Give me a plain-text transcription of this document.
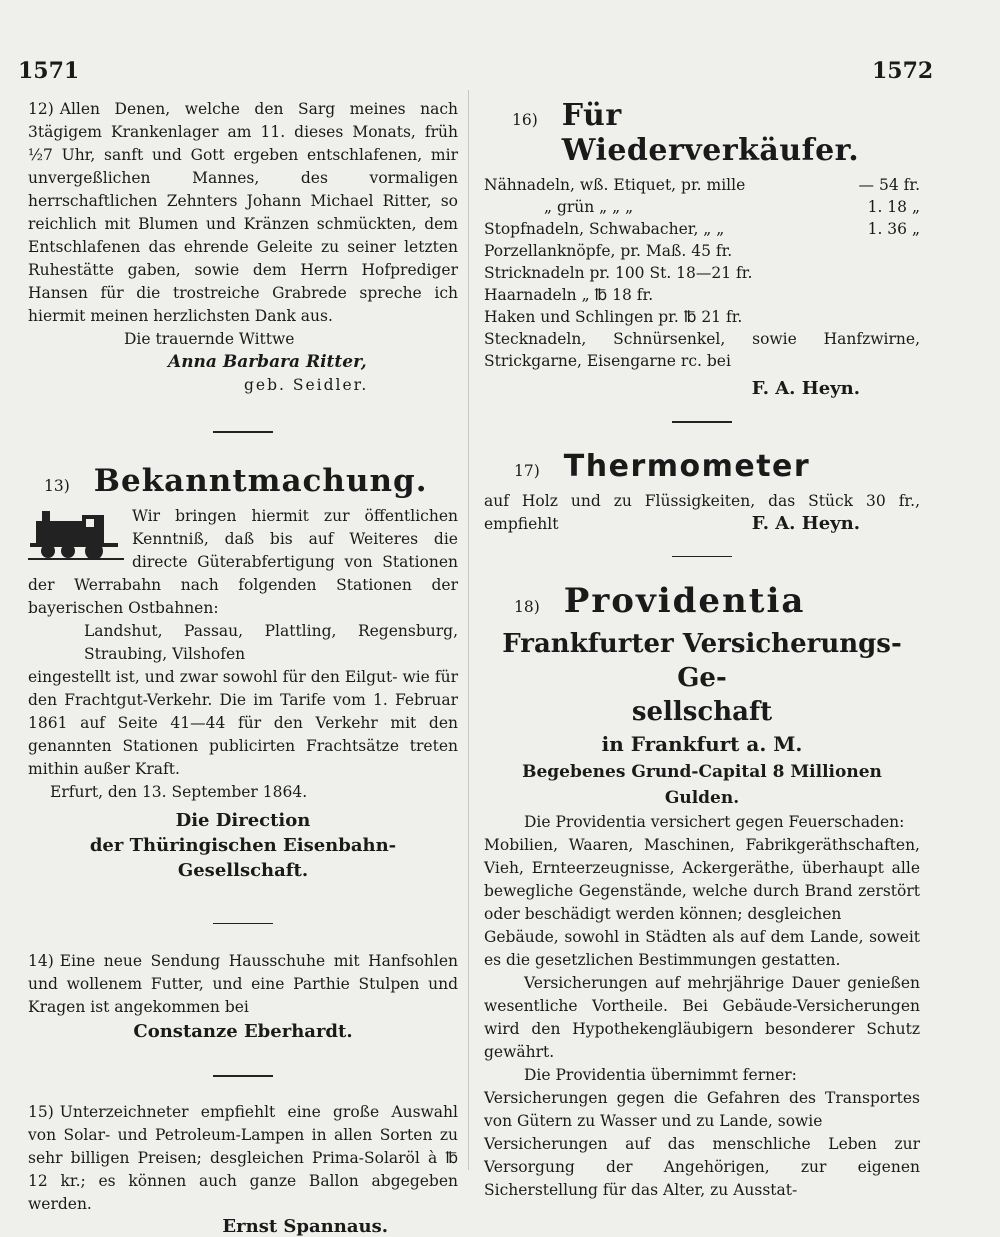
1571	1572

12) Allen Denen, welche den Sarg meines nach 3tägigem Krankenlager am 11. dieses Monats, früh ½7 Uhr, sanft und Gott ergeben entschlafenen, mir unvergeßlichen Mannes, des vormaligen herrschaftlichen Zehnters Johann Michael Ritter, so reichlich mit Blumen und Kränzen schmückten, dem Entschlafenen das ehrende Geleite zu seiner letzten Ruhestätte gaben, sowie dem Herrn Hofprediger Hansen für die trostreiche Grabrede spreche ich hiermit meinen herzlichsten Dank aus.

Die trauernde Wittwe
Anna Barbara Ritter,
geb. Seidler.
13) Bekanntmachung.

Wir bringen hiermit zur öffentlichen Kenntniß, daß bis auf Weiteres die directe Güterabfertigung von Stationen der Werrabahn nach folgenden Stationen der bayerischen Ostbahnen:

Landshut, Passau, Plattling, Regensburg, Straubing, Vilshofen

eingestellt ist, und zwar sowohl für den Eilgut- wie für den Frachtgut-Verkehr. Die im Tarife vom 1. Februar 1861 auf Seite 41—44 für den Verkehr mit den genannten Stationen publicirten Frachtsätze treten mithin außer Kraft.

Erfurt, den 13. September 1864.

Die Direction
der Thüringischen Eisenbahn-
Gesellschaft.

14) Eine neue Sendung Hausschuhe mit Hanfsohlen und wollenem Futter, und eine Parthie Stulpen und Kragen ist angekommen bei

Constanze Eberhardt.

15) Unterzeichneter empfiehlt eine große Auswahl von Solar- und Petroleum-Lampen in allen Sorten zu sehr billigen Preisen; desgleichen Prima-Solaröl à ℔ 12 kr.; es können auch ganze Ballon abgegeben werden.

Ernst Spannaus.
16) Für Wiederverkäufer.
Nähnadeln, wß. Etiquet, pr. mille	— 54 fr.
„ grün „ „ „	1. 18 „
Stopfnadeln, Schwabacher, „ „	1. 36 „
Porzellanknöpfe, pr. Maß. 45 fr.
Stricknadeln pr. 100 St. 18—21 fr.
Haarnadeln „ ℔ 18 fr.
Haken und Schlingen pr. ℔ 21 fr.
Stecknadeln, Schnürsenkel, sowie Hanfzwirne, Strickgarne, Eisengarne rc. bei
F. A. Heyn.
17) Thermometer

auf Holz und zu Flüssigkeiten, das Stück 30 fr., empfiehlt	F. A. Heyn.
18) Providentia
Frankfurter Versicherungs-Ge-
sellschaft
in Frankfurt a. M.
Begebenes Grund-Capital 8 Millionen Gulden.

Die Providentia versichert gegen Feuerschaden:

Mobilien, Waaren, Maschinen, Fabrikgeräthschaften, Vieh, Ernteerzeugnisse, Ackergeräthe, überhaupt alle bewegliche Gegenstände, welche durch Brand zerstört oder beschädigt werden können; desgleichen

Gebäude, sowohl in Städten als auf dem Lande, soweit es die gesetzlichen Bestimmungen gestatten.

Versicherungen auf mehrjährige Dauer genießen wesentliche Vortheile. Bei Gebäude-Versicherungen wird den Hypothekengläubigern besonderer Schutz gewährt.

Die Providentia übernimmt ferner:

Versicherungen gegen die Gefahren des Transportes von Gütern zu Wasser und zu Lande, sowie

Versicherungen auf das menschliche Leben zur Versorgung der Angehörigen, zur eigenen Sicherstellung für das Alter, zu Ausstat-
